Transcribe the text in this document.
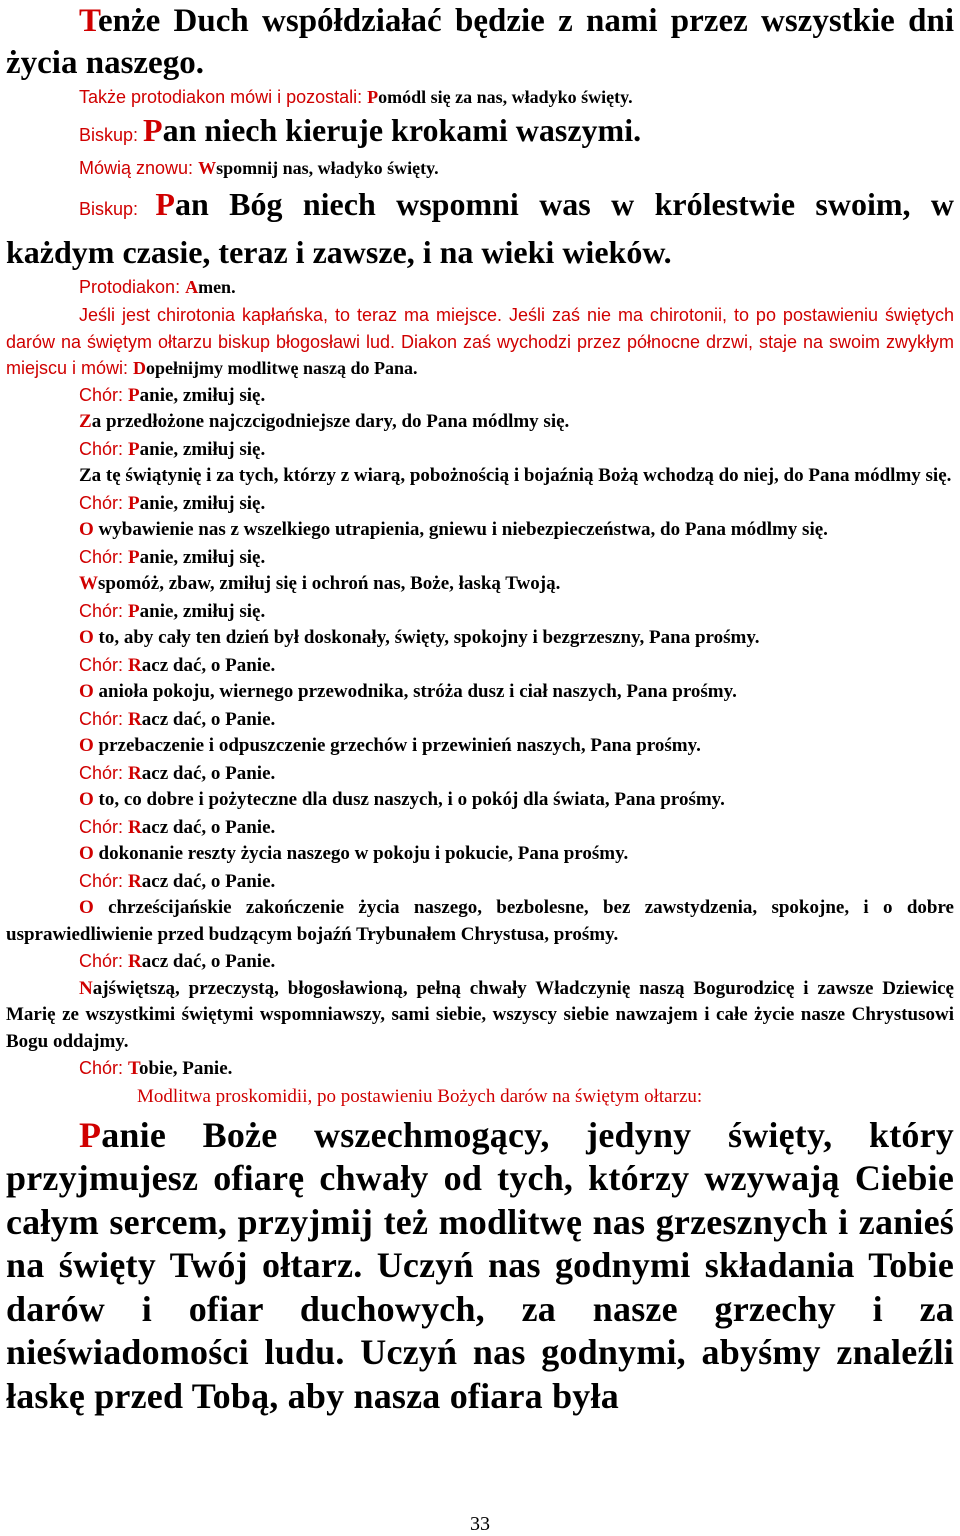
Tenże Duch współdziałać będzie z nami przez wszystkie dni życia naszego.

Także protodiakon mówi i pozostali: Pomódl się za nas, władyko święty.

Biskup: Pan niech kieruje krokami waszymi.

Mówią znowu: Wspomnij nas, władyko święty.

Biskup: Pan Bóg niech wspomni was w królestwie swoim, w każdym czasie, teraz i zawsze, i na wieki wieków.

Protodiakon: Amen.

Jeśli jest chirotonia kapłańska, to teraz ma miejsce. Jeśli zaś nie ma chirotonii, to po postawieniu świętych darów na świętym ołtarzu biskup błogosławi lud. Diakon zaś wychodzi przez północne drzwi, staje na swoim zwykłym miejscu i mówi: Dopełnijmy modlitwę naszą do Pana.

Chór: Panie, zmiłuj się.

Za przedłożone najczcigodniejsze dary, do Pana módlmy się.

Chór: Panie, zmiłuj się.

Za tę świątynię i za tych, którzy z wiarą, pobożnością i bojaźnią Bożą wchodzą do niej, do Pana módlmy się.

Chór: Panie, zmiłuj się.

O wybawienie nas z wszelkiego utrapienia, gniewu i niebezpieczeństwa, do Pana módlmy się.

Chór: Panie, zmiłuj się.

Wspomóż, zbaw, zmiłuj się i ochroń nas, Boże, łaską Twoją.

Chór: Panie, zmiłuj się.

O to, aby cały ten dzień był doskonały, święty, spokojny i bezgrzeszny, Pana prośmy.

Chór: Racz dać, o Panie.

O anioła pokoju, wiernego przewodnika, stróża dusz i ciał naszych, Pana prośmy.

Chór: Racz dać, o Panie.

O przebaczenie i odpuszczenie grzechów i przewinień naszych, Pana prośmy.

Chór: Racz dać, o Panie.

O to, co dobre i pożyteczne dla dusz naszych, i o pokój dla świata, Pana prośmy.

Chór: Racz dać, o Panie.

O dokonanie reszty życia naszego w pokoju i pokucie, Pana prośmy.

Chór: Racz dać, o Panie.

O chrześcijańskie zakończenie życia naszego, bezbolesne, bez zawstydzenia, spokojne, i o dobre usprawiedliwienie przed budzącym bojaźń Trybunałem Chrystusa, prośmy.

Chór: Racz dać, o Panie.

Najświętszą, przeczystą, błogosławioną, pełną chwały Władczynię naszą Bogurodzicę i zawsze Dziewicę Marię ze wszystkimi świętymi wspomniawszy, sami siebie, wszyscy siebie nawzajem i całe życie nasze Chrystusowi Bogu oddajmy.

Chór: Tobie, Panie.

Modlitwa proskomidii, po postawieniu Bożych darów na świętym ołtarzu:

Panie Boże wszechmogący, jedyny święty, który przyjmujesz ofiarę chwały od tych, którzy wzywają Ciebie całym sercem, przyjmij też modlitwę nas grzesznych i zanieś na święty Twój ołtarz. Uczyń nas godnymi składania Tobie darów i ofiar duchowych, za nasze grzechy i za nieświadomości ludu. Uczyń nas godnymi, abyśmy znaleźli łaskę przed Tobą, aby nasza ofiara była

33
